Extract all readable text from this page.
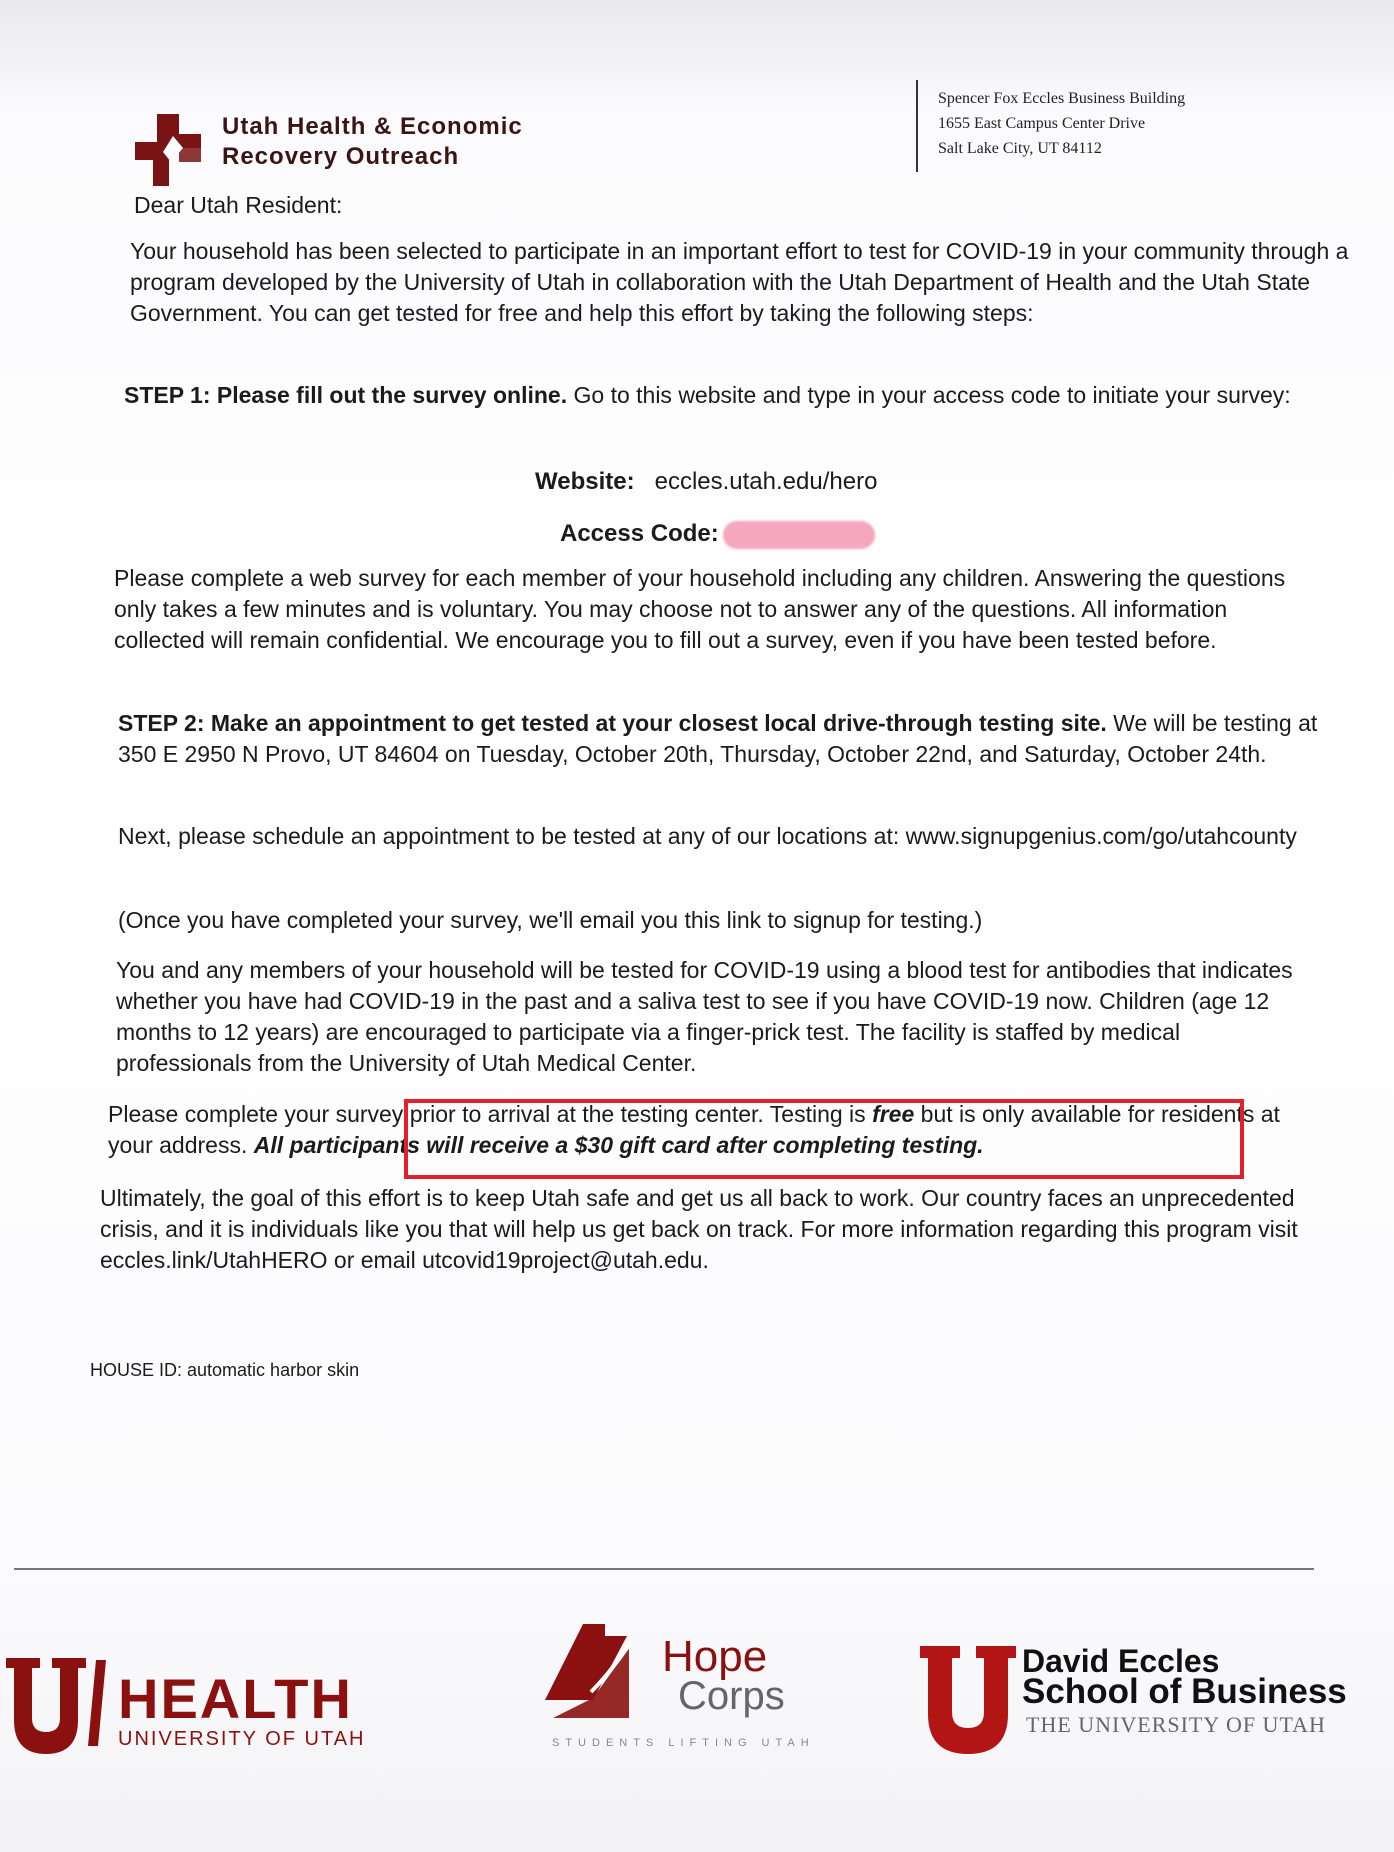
Utah Health & Economic
Recovery Outreach
Spencer Fox Eccles Business Building
1655 East Campus Center Drive
Salt Lake City, UT 84112
Dear Utah Resident:
Your household has been selected to participate in an important effort to test for COVID-19 in your community through a program developed by the University of Utah in collaboration with the Utah Department of Health and the Utah State Government. You can get tested for free and help this effort by taking the following steps:
STEP 1: Please fill out the survey online. Go to this website and type in your access code to initiate your survey:
Website: eccles.utah.edu/hero
Access Code:
Please complete a web survey for each member of your household including any children. Answering the questions only takes a few minutes and is voluntary. You may choose not to answer any of the questions. All information collected will remain confidential. We encourage you to fill out a survey, even if you have been tested before.
STEP 2: Make an appointment to get tested at your closest local drive-through testing site. We will be testing at 350 E 2950 N Provo, UT 84604 on Tuesday, October 20th, Thursday, October 22nd, and Saturday, October 24th.
Next, please schedule an appointment to be tested at any of our locations at: www.signupgenius.com/go/utahcounty
(Once you have completed your survey, we'll email you this link to signup for testing.)
You and any members of your household will be tested for COVID-19 using a blood test for antibodies that indicates whether you have had COVID-19 in the past and a saliva test to see if you have COVID-19 now. Children (age 12 months to 12 years) are encouraged to participate via a finger-prick test. The facility is staffed by medical professionals from the University of Utah Medical Center.
Please complete your survey prior to arrival at the testing center. Testing is free but is only available for residents at your address. All participants will receive a $30 gift card after completing testing.
Ultimately, the goal of this effort is to keep Utah safe and get us all back to work. Our country faces an unprecedented crisis, and it is individuals like you that will help us get back on track. For more information regarding this program visit eccles.link/UtahHERO or email utcovid19project@utah.edu.
HOUSE ID: automatic harbor skin
HEALTH
UNIVERSITY OF UTAH
Hope
Corps
STUDENTS LIFTING UTAH
David Eccles
School of Business
THE UNIVERSITY OF UTAH
